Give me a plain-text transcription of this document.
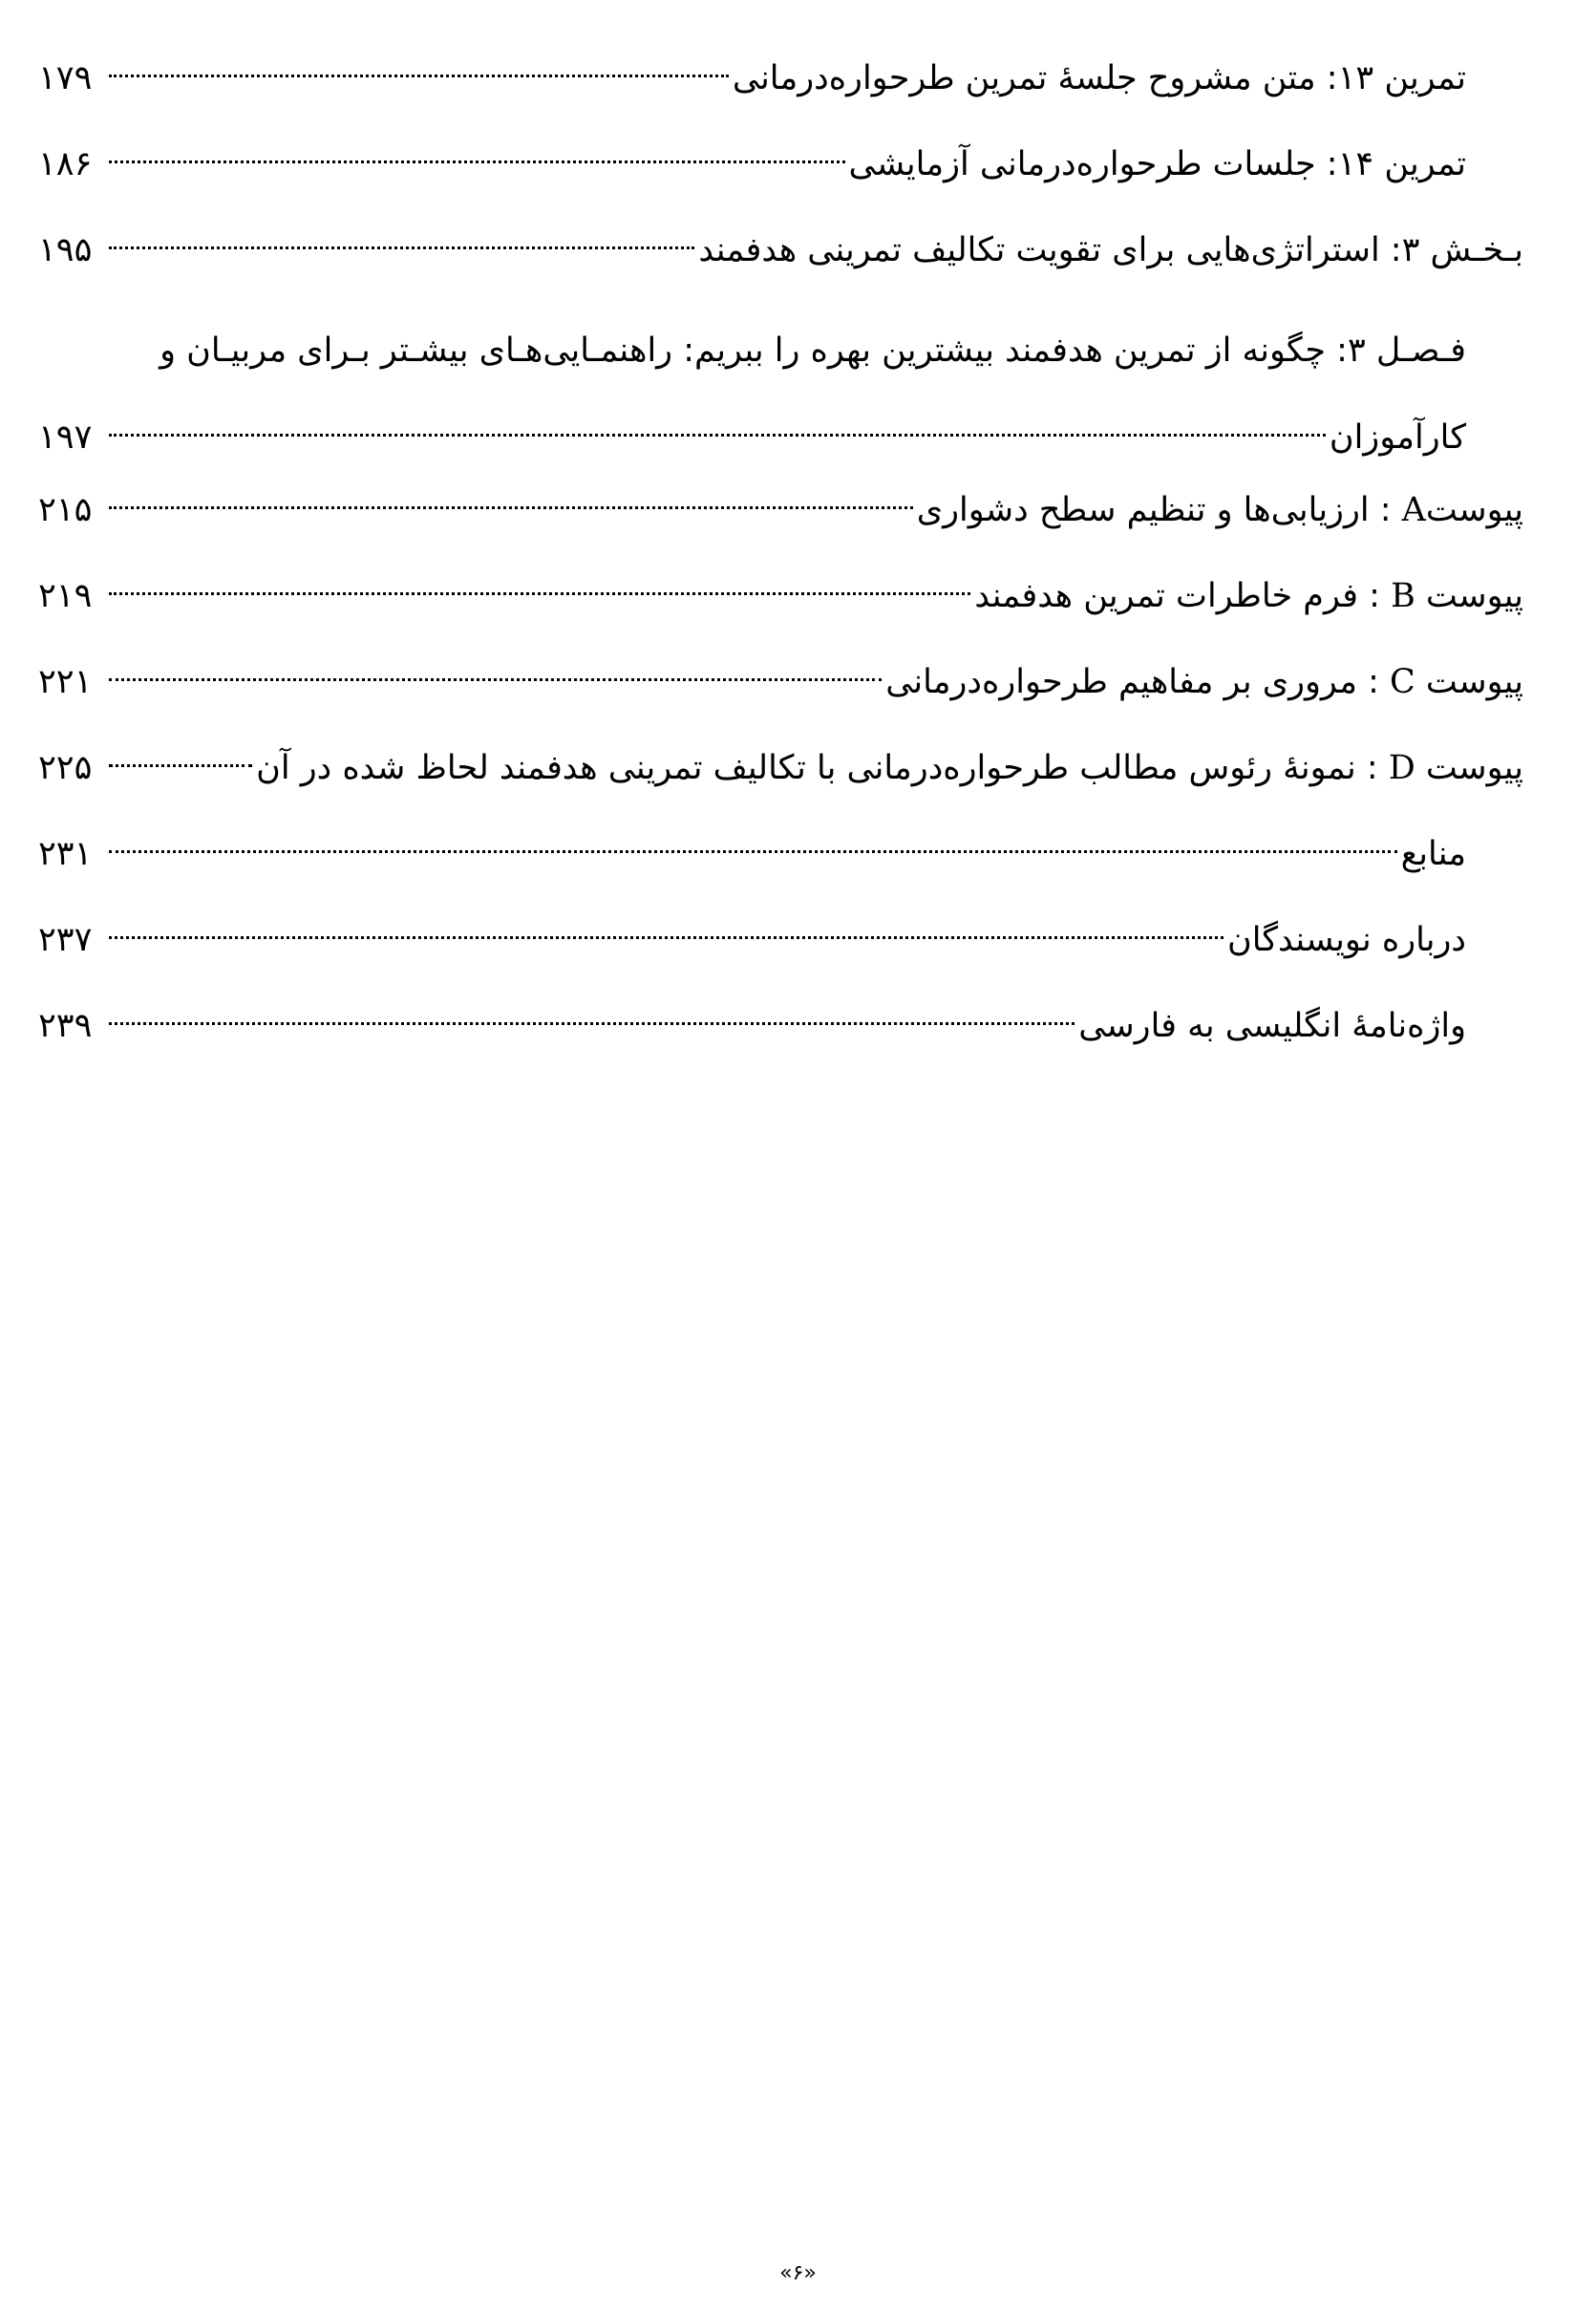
تمرین ۱۳: متن مشروح جلسۀ تمرین طرحواره‌درمانی
۱۷۹
تمرین ۱۴: جلسات طرحواره‌درمانی آزمایشی
۱۸۶
بـخـش ۳: استراتژی‌هایی برای تقویت تکالیف تمرینی هدفمند
۱۹۵
فـصـل ۳: چگونه از تمرین هدفمند بیشترین بهره را ببریم: راهنمـایی‌هـای بیشـتر بـرای مربیـان و
کارآموزان
۱۹۷
پیوستA : ارزیابی‌ها و تنظیم سطح دشواری
۲۱۵
پیوست B : فرم خاطرات تمرین هدفمند
۲۱۹
پیوست C : مروری بر مفاهیم طرحواره‌درمانی
۲۲۱
پیوست D : نمونۀ رئوس مطالب طرحواره‌درمانی با تکالیف تمرینی هدفمند لحاظ شده در آن
۲۲۵
منابع
۲۳۱
درباره نویسندگان
۲۳۷
واژه‌نامۀ انگلیسی به فارسی
۲۳۹
«۶»
